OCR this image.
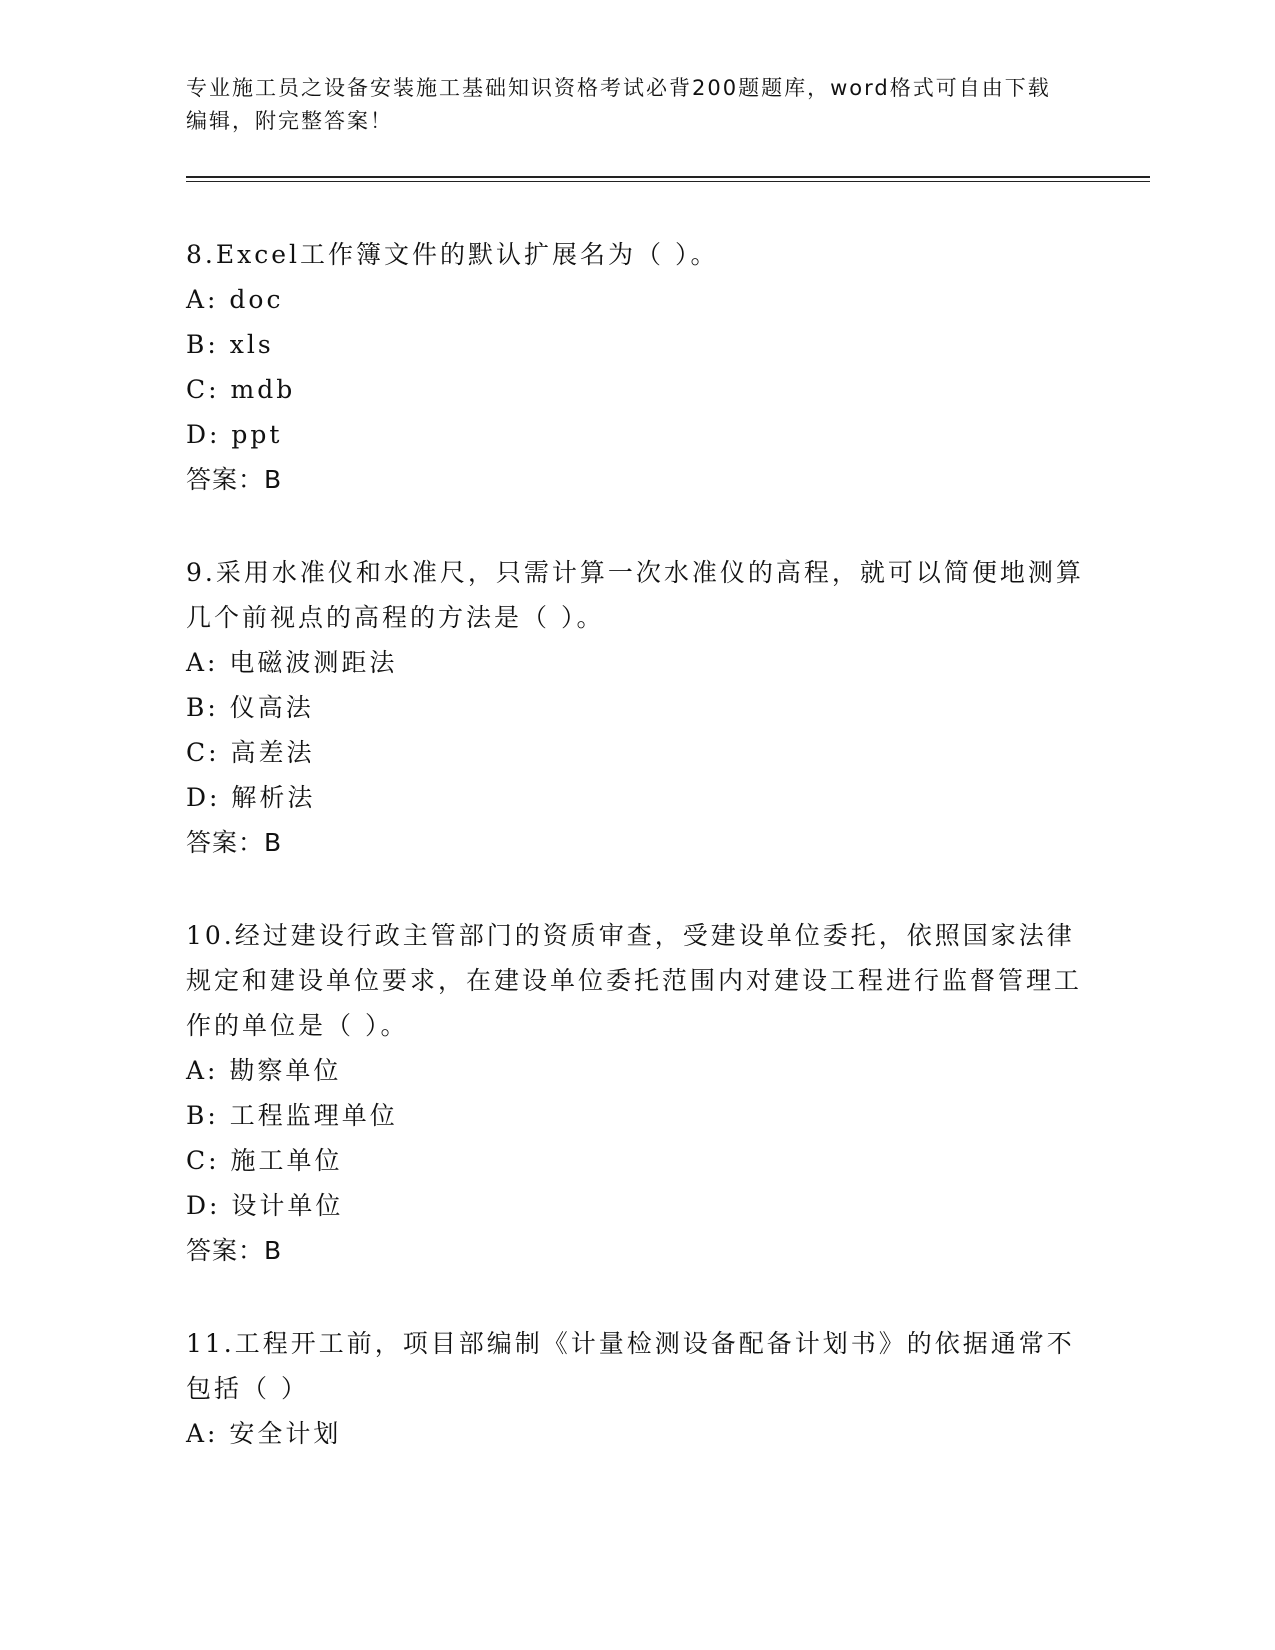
专业施工员之设备安装施工基础知识资格考试必背200题题库，word格式可自由下载编辑，附完整答案！
8.Excel工作簿文件的默认扩展名为（ ）。
A: doc
B: xls
C: mdb
D: ppt
答案：B
9.采用水准仪和水准尺，只需计算一次水准仪的高程，就可以简便地测算几个前视点的高程的方法是（ ）。
A: 电磁波测距法
B: 仪高法
C: 高差法
D: 解析法
答案：B
10.经过建设行政主管部门的资质审查，受建设单位委托，依照国家法律规定和建设单位要求，在建设单位委托范围内对建设工程进行监督管理工作的单位是（ ）。
A: 勘察单位
B: 工程监理单位
C: 施工单位
D: 设计单位
答案：B
11.工程开工前，项目部编制《计量检测设备配备计划书》的依据通常不包括（ ）
A: 安全计划
